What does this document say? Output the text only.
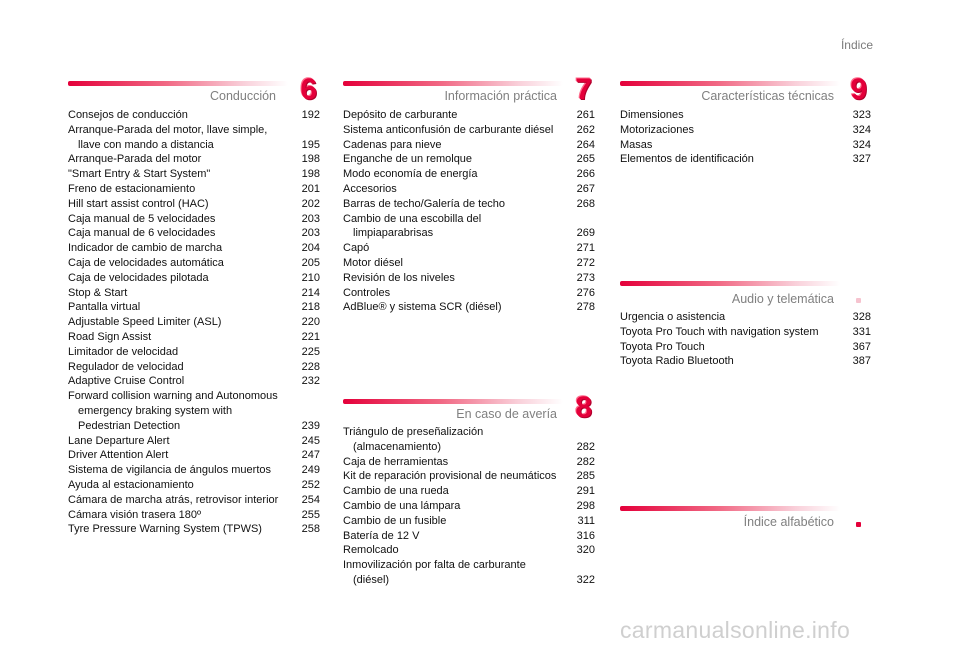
Índice
Conducción 6
Consejos de conducción	192
Arranque-Parada del motor, llave simple, llave con mando a distancia	195
Arranque-Parada del motor	198
"Smart Entry & Start System"	198
Freno de estacionamiento	201
Hill start assist control (HAC)	202
Caja manual de 5 velocidades	203
Caja manual de 6 velocidades	203
Indicador de cambio de marcha	204
Caja de velocidades automática	205
Caja de velocidades pilotada	210
Stop & Start	214
Pantalla virtual	218
Adjustable Speed Limiter (ASL)	220
Road Sign Assist	221
Limitador de velocidad	225
Regulador de velocidad	228
Adaptive Cruise Control	232
Forward collision warning and Autonomous emergency braking system with Pedestrian Detection	239
Lane Departure Alert	245
Driver Attention Alert	247
Sistema de vigilancia de ángulos muertos	249
Ayuda al estacionamiento	252
Cámara de marcha atrás, retrovisor interior	254
Cámara visión trasera 180º	255
Tyre Pressure Warning System (TPWS)	258
Información práctica 7
Depósito de carburante	261
Sistema anticonfusión de carburante diésel	262
Cadenas para nieve	264
Enganche de un remolque	265
Modo economía de energía	266
Accesorios	267
Barras de techo/Galería de techo	268
Cambio de una escobilla del limpiaparabrisas	269
Capó	271
Motor diésel	272
Revisión de los niveles	273
Controles	276
AdBlue® y sistema SCR (diésel)	278
En caso de avería 8
Triángulo de preseñalización (almacenamiento)	282
Caja de herramientas	282
Kit de reparación provisional de neumáticos	285
Cambio de una rueda	291
Cambio de una lámpara	298
Cambio de un fusible	311
Batería de 12 V	316
Remolcado	320
Inmovilización por falta de carburante (diésel)	322
Características técnicas 9
Dimensiones	323
Motorizaciones	324
Masas	324
Elementos de identificación	327
Audio y telemática
Urgencia o asistencia	328
Toyota Pro Touch with navigation system	331
Toyota Pro Touch	367
Toyota Radio Bluetooth	387
Índice alfabético
carmanualsonline.info
